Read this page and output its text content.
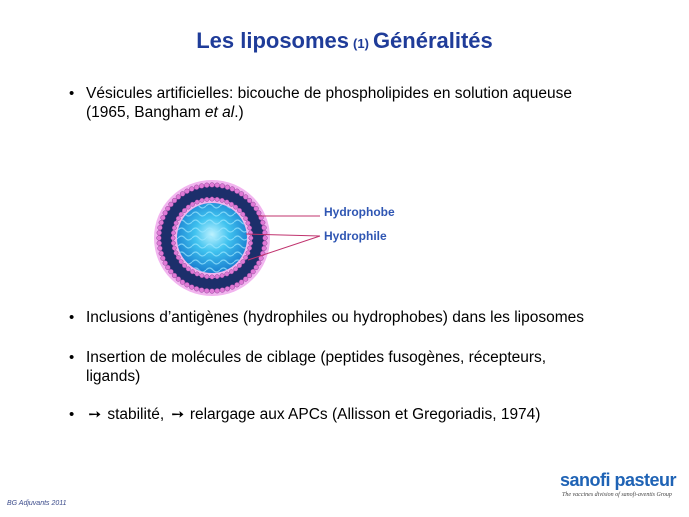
Les liposomes (1) Généralités
• Vésicules artificielles: bicouche de phospholipides en solution aqueuse
(1965, Bangham et al.)
Hydrophobe
Hydrophile
• Inclusions d’antigènes (hydrophiles ou hydrophobes) dans les liposomes
• Insertion de molécules de ciblage (peptides fusogènes, récepteurs,
ligands)
• ➚ stabilité, ➚ relargage aux APCs (Allisson et Gregoriadis, 1974)
BG Adjuvants 2011
sanofi pasteur
The vaccines division of sanofi-aventis Group
